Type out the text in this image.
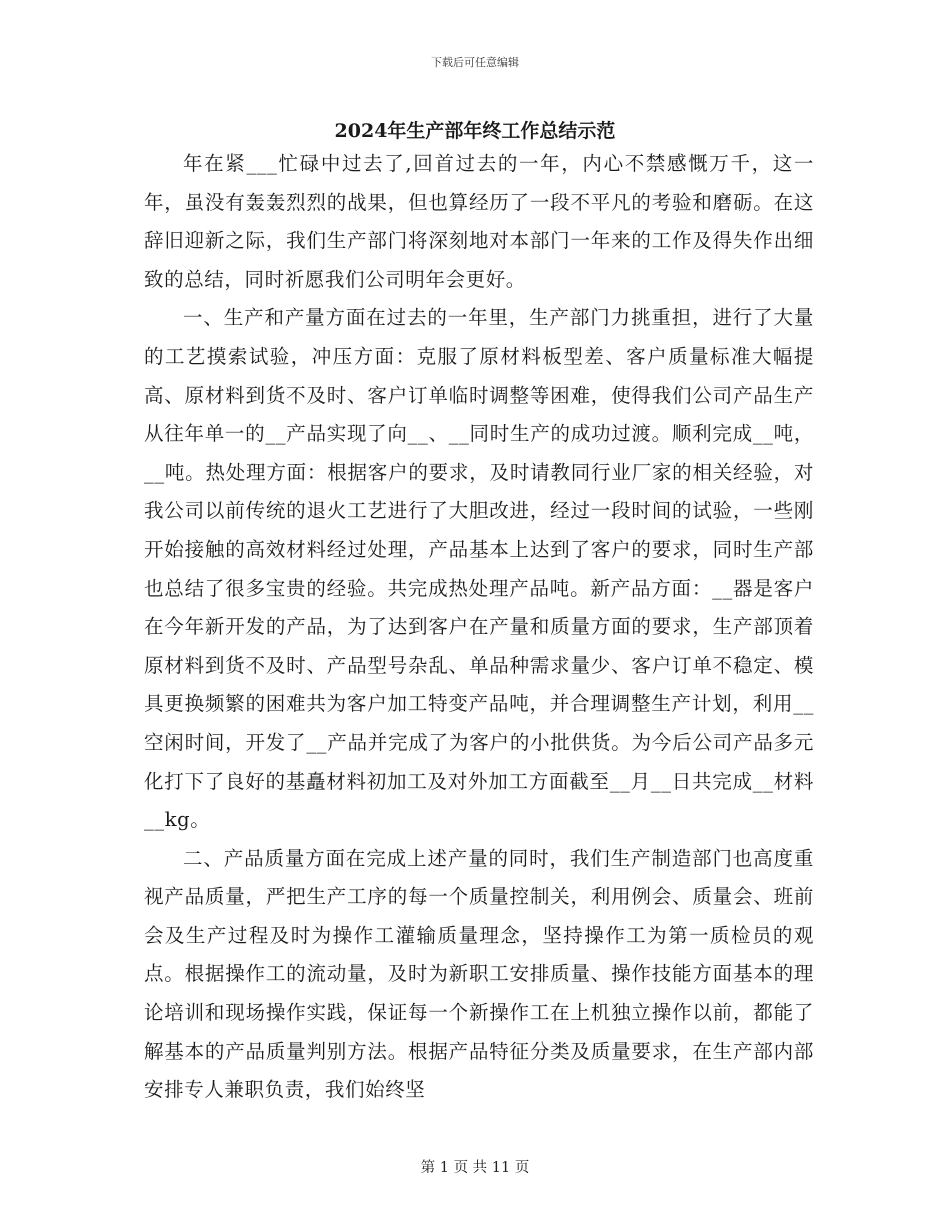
下载后可任意编辑
2024年生产部年终工作总结示范

年在紧___忙碌中过去了,回首过去的一年，内心不禁感慨万千，这一年，虽没有轰轰烈烈的战果，但也算经历了一段不平凡的考验和磨砺。在这辞旧迎新之际，我们生产部门将深刻地对本部门一年来的工作及得失作出细致的总结，同时祈愿我们公司明年会更好。

一、生产和产量方面在过去的一年里，生产部门力挑重担，进行了大量的工艺摸索试验，冲压方面：克服了原材料板型差、客户质量标准大幅提高、原材料到货不及时、客户订单临时调整等困难，使得我们公司产品生产从往年单一的__产品实现了向__、__同时生产的成功过渡。顺利完成__吨，__吨。热处理方面：根据客户的要求，及时请教同行业厂家的相关经验，对我公司以前传统的退火工艺进行了大胆改进，经过一段时间的试验，一些刚开始接触的高效材料经过处理，产品基本上达到了客户的要求，同时生产部也总结了很多宝贵的经验。共完成热处理产品吨。新产品方面：__器是客户在今年新开发的产品，为了达到客户在产量和质量方面的要求，生产部顶着原材料到货不及时、产品型号杂乱、单品种需求量少、客户订单不稳定、模具更换频繁的困难共为客户加工特变产品吨，并合理调整生产计划，利用__空闲时间，开发了__产品并完成了为客户的小批供货。为今后公司产品多元化打下了良好的基矗材料初加工及对外加工方面截至__月__日共完成__材料__kg。

二、产品质量方面在完成上述产量的同时，我们生产制造部门也高度重视产品质量，严把生产工序的每一个质量控制关，利用例会、质量会、班前会及生产过程及时为操作工灌输质量理念，坚持操作工为第一质检员的观点。根据操作工的流动量，及时为新职工安排质量、操作技能方面基本的理论培训和现场操作实践，保证每一个新操作工在上机独立操作以前，都能了解基本的产品质量判别方法。根据产品特征分类及质量要求，在生产部内部安排专人兼职负责，我们始终坚

第 1 页 共 11 页
